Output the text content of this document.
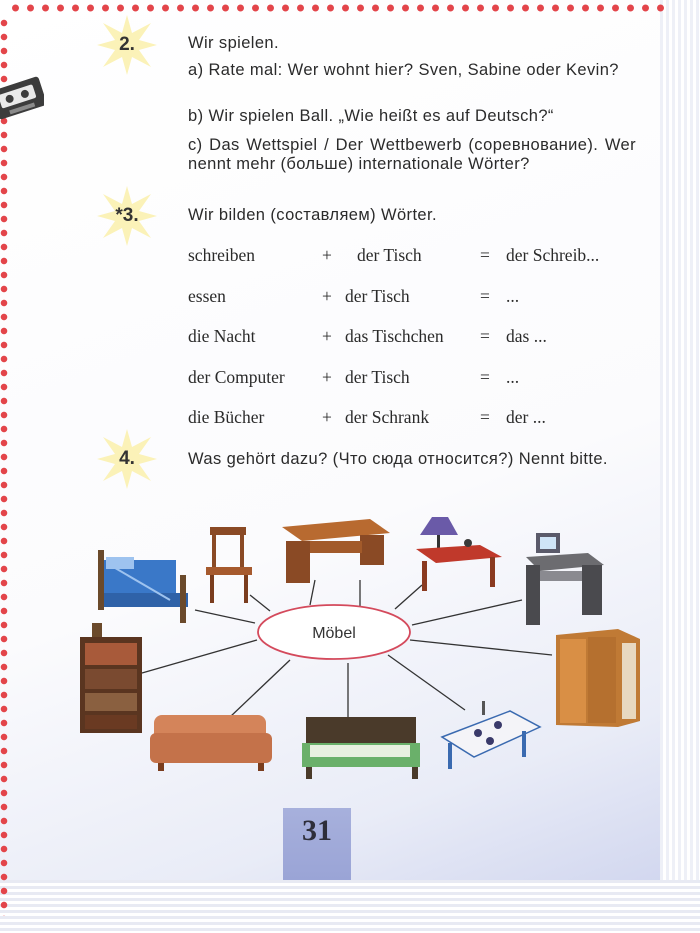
2.	Wir spielen.
a) Rate mal: Wer wohnt hier? Sven, Sabine oder Kevin?
b) Wir spielen Ball. „Wie heißt es auf Deutsch?“
c) Das Wettspiel / Der Wettbewerb (соревнование). Wer nennt mehr (больше) internationale Wörter?
*3.	Wir bilden (составляем) Wörter.
schreiben	+ der Tisch	= der Schreib...
essen	+ der Tisch	= ...
die Nacht	+ das Tischchen = das ...
der Computer + der Tisch	= ...
die Bücher	+ der Schrank	= der ...
4.	Was gehört dazu? (Что сюда относится?) Nennt bitte.
Möbel
31
